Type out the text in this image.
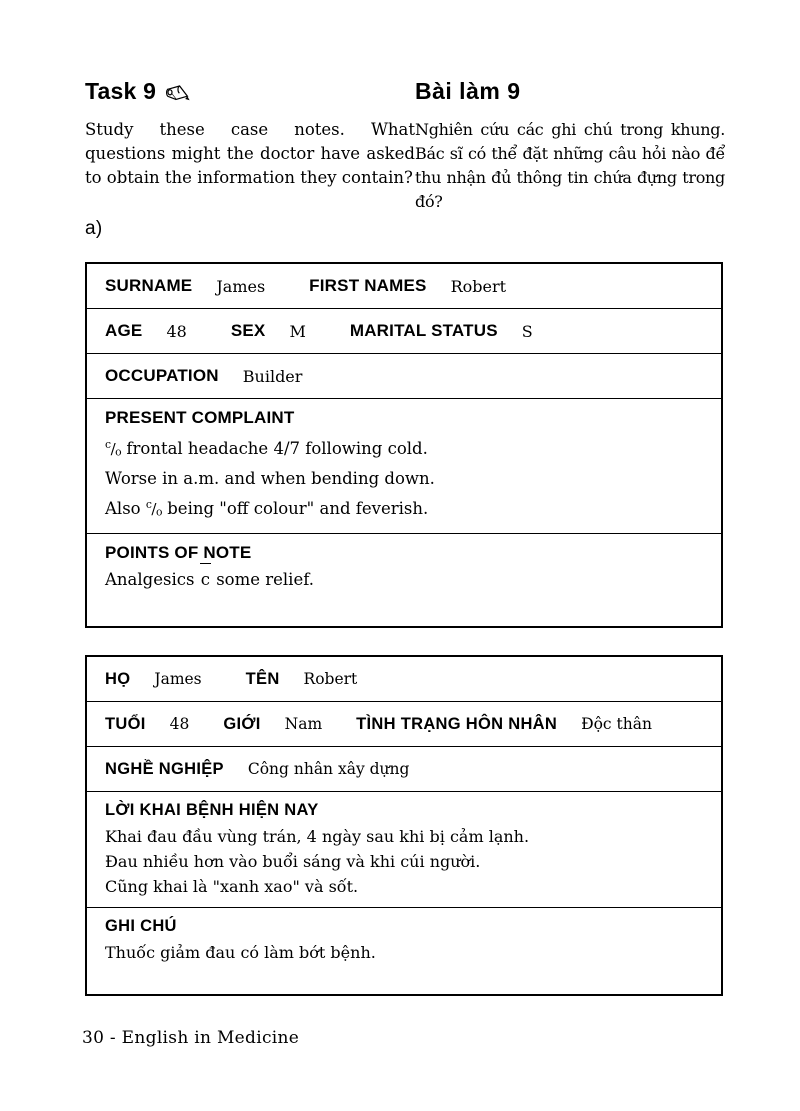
Task 9

Study these case notes. What questions might the doctor have asked to obtain the information they contain?

Bài làm 9

Nghiên cứu các ghi chú trong khung. Bác sĩ có thể đặt những câu hỏi nào để thu nhận đủ thông tin chứa đựng trong đó?

a)
SURNAME James	FIRST NAMES Robert
AGE 48	SEX M	MARITAL STATUS S
OCCUPATION Builder
PRESENT COMPLAINT

$^c/_o$ frontal headache 4/7 following cold.

Worse in a.m. and when bending down.

Also $^c/_o$ being "off colour" and feverish.

POINTS OF NOTE

Analgesics c some relief.

HỌ James	TÊN Robert
TUỔI 48 GIỚI Nam TÌNH TRẠNG HÔN NHÂN Độc thân
NGHỀ NGHIỆP Công nhân xây dựng
LỜI KHAI BỆNH HIỆN NAY

Khai đau đầu vùng trán, 4 ngày sau khi bị cảm lạnh.

Đau nhiều hơn vào buổi sáng và khi cúi người.

Cũng khai là "xanh xao" và sốt.

GHI CHÚ

Thuốc giảm đau có làm bớt bệnh.

30 - English in Medicine
